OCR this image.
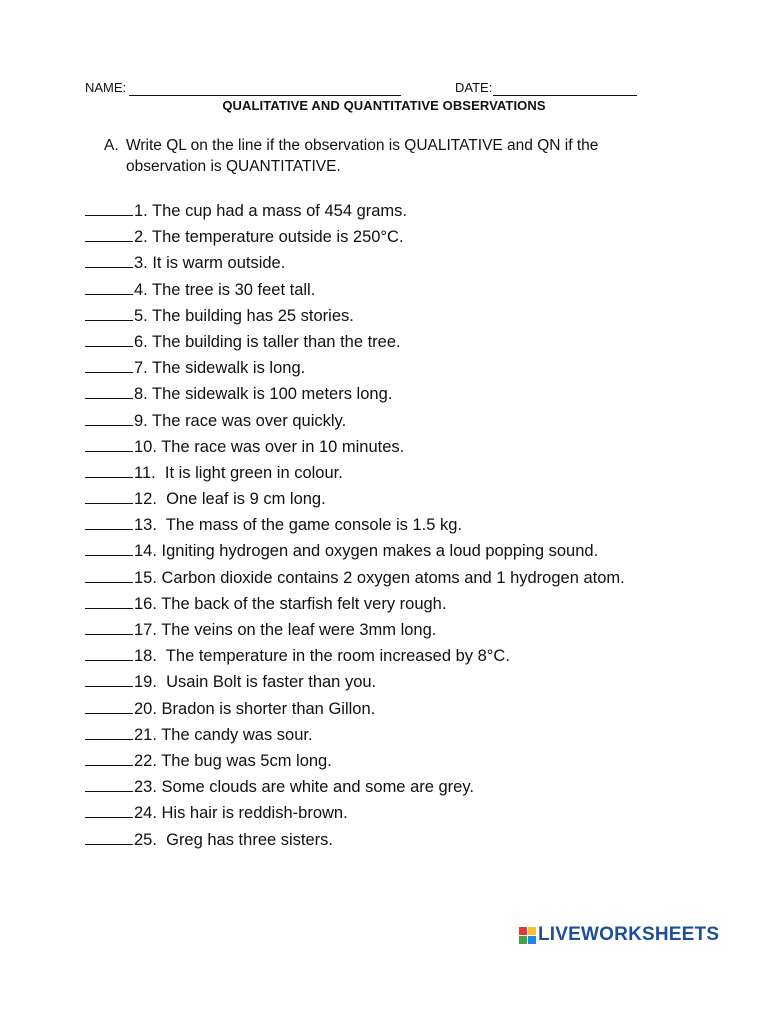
NAME:	DATE:
QUALITATIVE AND QUANTITATIVE OBSERVATIONS
A. Write QL on the line if the observation is QUALITATIVE and QN if the
observation is QUANTITATIVE.
1. The cup had a mass of 454 grams.
2. The temperature outside is 250°C.
3. It is warm outside.
4. The tree is 30 feet tall.
5. The building has 25 stories.
6. The building is taller than the tree.
7. The sidewalk is long.
8. The sidewalk is 100 meters long.
9. The race was over quickly.
10. The race was over in 10 minutes.
11.  It is light green in colour.
12.  One leaf is 9 cm long.
13.  The mass of the game console is 1.5 kg.
14. Igniting hydrogen and oxygen makes a loud popping sound.
15. Carbon dioxide contains 2 oxygen atoms and 1 hydrogen atom.
16. The back of the starfish felt very rough.
17. The veins on the leaf were 3mm long.
18.  The temperature in the room increased by 8°C.
19.  Usain Bolt is faster than you.
20. Bradon is shorter than Gillon.
21. The candy was sour.
22. The bug was 5cm long.
23. Some clouds are white and some are grey.
24. His hair is reddish-brown.
25.  Greg has three sisters.
LIVEWORKSHEETS
